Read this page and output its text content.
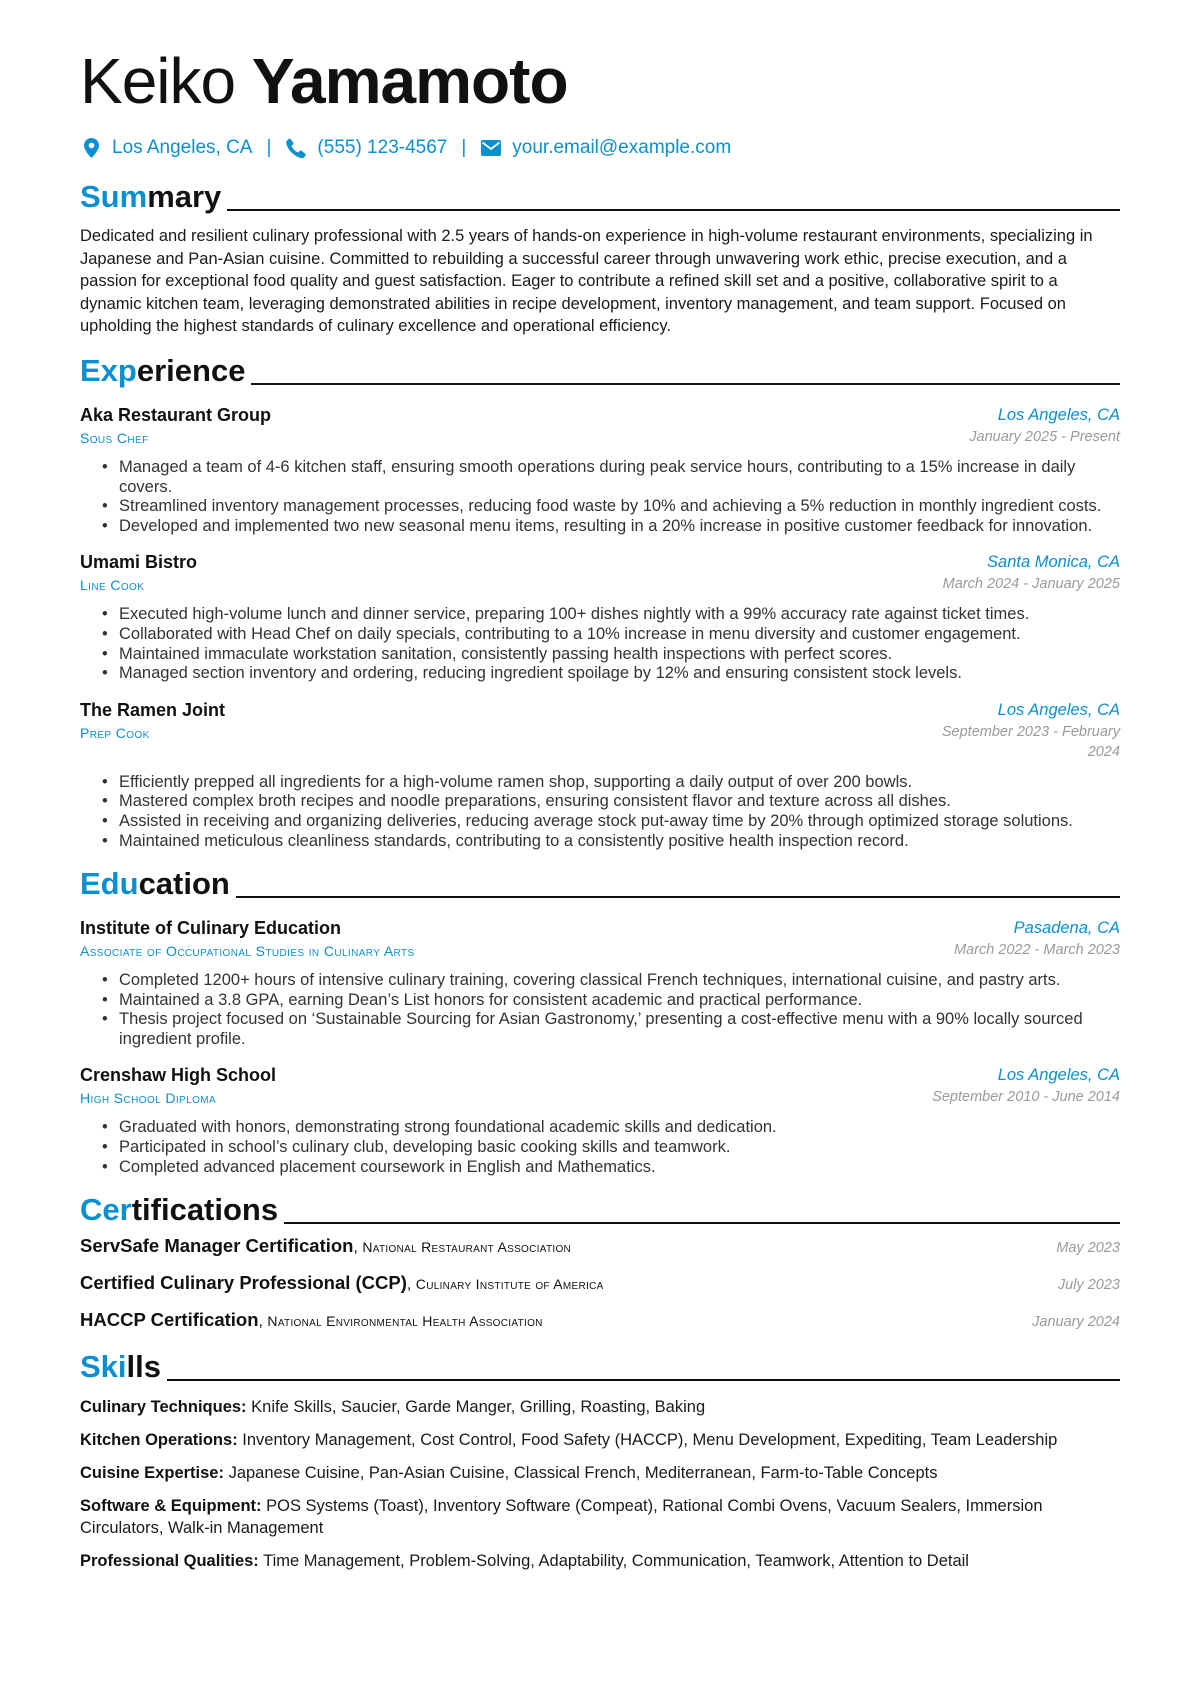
Keiko Yamamoto
Los Angeles, CA | (555) 123-4567 | your.email@example.com
Summary

Dedicated and resilient culinary professional with 2.5 years of hands-on experience in high-volume restaurant environments, specializing in Japanese and Pan-Asian cuisine. Committed to rebuilding a successful career through unwavering work ethic, precise execution, and a passion for exceptional food quality and guest satisfaction. Eager to contribute a refined skill set and a positive, collaborative spirit to a dynamic kitchen team, leveraging demonstrated abilities in recipe development, inventory management, and team support. Focused on upholding the highest standards of culinary excellence and operational efficiency.

Experience
Aka Restaurant Group	Los Angeles, CA
Sous Chef	January 2025 - Present
• Managed a team of 4-6 kitchen staff, ensuring smooth operations during peak service hours, contributing to a 15% increase in daily covers.
• Streamlined inventory management processes, reducing food waste by 10% and achieving a 5% reduction in monthly ingredient costs.
• Developed and implemented two new seasonal menu items, resulting in a 20% increase in positive customer feedback for innovation.
Umami Bistro	Santa Monica, CA
Line Cook	March 2024 - January 2025
• Executed high-volume lunch and dinner service, preparing 100+ dishes nightly with a 99% accuracy rate against ticket times.
• Collaborated with Head Chef on daily specials, contributing to a 10% increase in menu diversity and customer engagement.
• Maintained immaculate workstation sanitation, consistently passing health inspections with perfect scores.
• Managed section inventory and ordering, reducing ingredient spoilage by 12% and ensuring consistent stock levels.
The Ramen Joint	Los Angeles, CA
Prep Cook	September 2023 - February 2024
• Efficiently prepped all ingredients for a high-volume ramen shop, supporting a daily output of over 200 bowls.
• Mastered complex broth recipes and noodle preparations, ensuring consistent flavor and texture across all dishes.
• Assisted in receiving and organizing deliveries, reducing average stock put-away time by 20% through optimized storage solutions.
• Maintained meticulous cleanliness standards, contributing to a consistently positive health inspection record.
Education
Institute of Culinary Education	Pasadena, CA
Associate of Occupational Studies in Culinary Arts	March 2022 - March 2023
• Completed 1200+ hours of intensive culinary training, covering classical French techniques, international cuisine, and pastry arts.
• Maintained a 3.8 GPA, earning Dean’s List honors for consistent academic and practical performance.
• Thesis project focused on ‘Sustainable Sourcing for Asian Gastronomy,’ presenting a cost-effective menu with a 90% locally sourced ingredient profile.
Crenshaw High School	Los Angeles, CA
High School Diploma	September 2010 - June 2014
• Graduated with honors, demonstrating strong foundational academic skills and dedication.
• Participated in school’s culinary club, developing basic cooking skills and teamwork.
• Completed advanced placement coursework in English and Mathematics.
Certifications
ServSafe Manager Certification, National Restaurant Association	May 2023
Certified Culinary Professional (CCP), Culinary Institute of America	July 2023
HACCP Certification, National Environmental Health Association	January 2024
Skills

Culinary Techniques: Knife Skills, Saucier, Garde Manger, Grilling, Roasting, Baking

Kitchen Operations: Inventory Management, Cost Control, Food Safety (HACCP), Menu Development, Expediting, Team Leadership

Cuisine Expertise: Japanese Cuisine, Pan-Asian Cuisine, Classical French, Mediterranean, Farm-to-Table Concepts

Software & Equipment: POS Systems (Toast), Inventory Software (Compeat), Rational Combi Ovens, Vacuum Sealers, Immersion Circulators, Walk-in Management

Professional Qualities: Time Management, Problem-Solving, Adaptability, Communication, Teamwork, Attention to Detail
